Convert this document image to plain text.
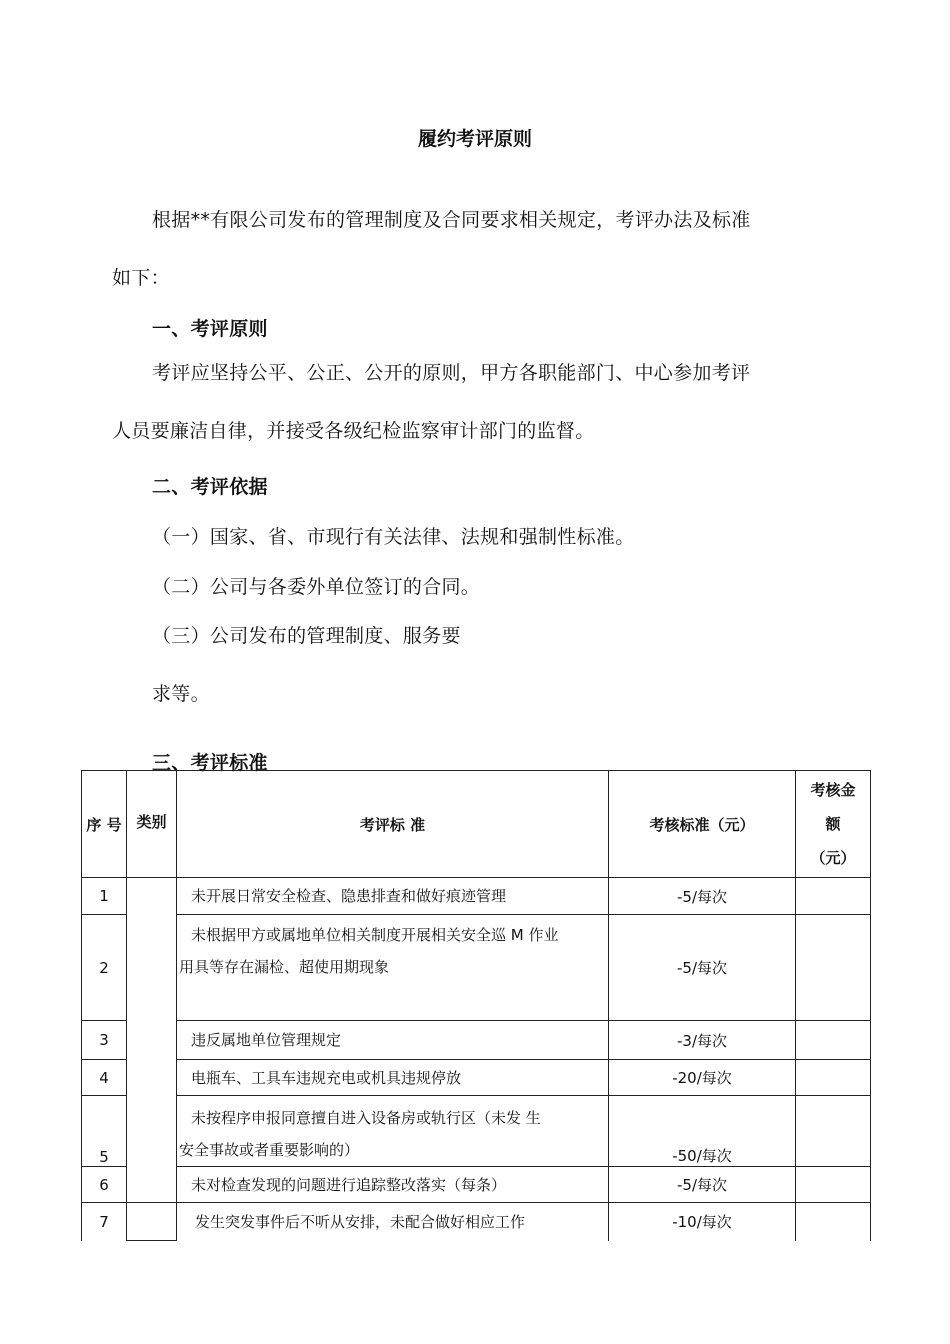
履约考评原则
根据**有限公司发布的管理制度及合同要求相关规定，考评办法及标准
如下：
一、考评原则
考评应坚持公平、公正、公开的原则，甲方各职能部门、中心参加考评
人员要廉洁自律，并接受各级纪检监察审计部门的监督。
二、考评依据
（一）国家、省、市现行有关法律、法规和强制性标准。
（二）公司与各委外单位签订的合同。
（三）公司发布的管理制度、服务要
求等。
三、考评标准
序 号	类别	考评标 准	考核标准（元）	考核金
额
（元）

1		未开展日常安全检查、隐患排查和做好痕迹管理	-5/每次	
2		未根据甲方或属地单位相关制度开展相关安全巡 M 作业
用具等存在漏检、超使用期现象	-5/每次	
3		违反属地单位管理规定	-3/每次	
4		电瓶车、工具车违规充电或机具违规停放	-20/每次	
5		未按程序申报同意擅自进入设备房或轨行区（未发 生
安全事故或者重要影响的）	-50/每次	
6		未对检查发现的问题进行追踪整改落实（每条）	-5/每次	
7		发生突发事件后不听从安排，未配合做好相应工作	-10/每次	
